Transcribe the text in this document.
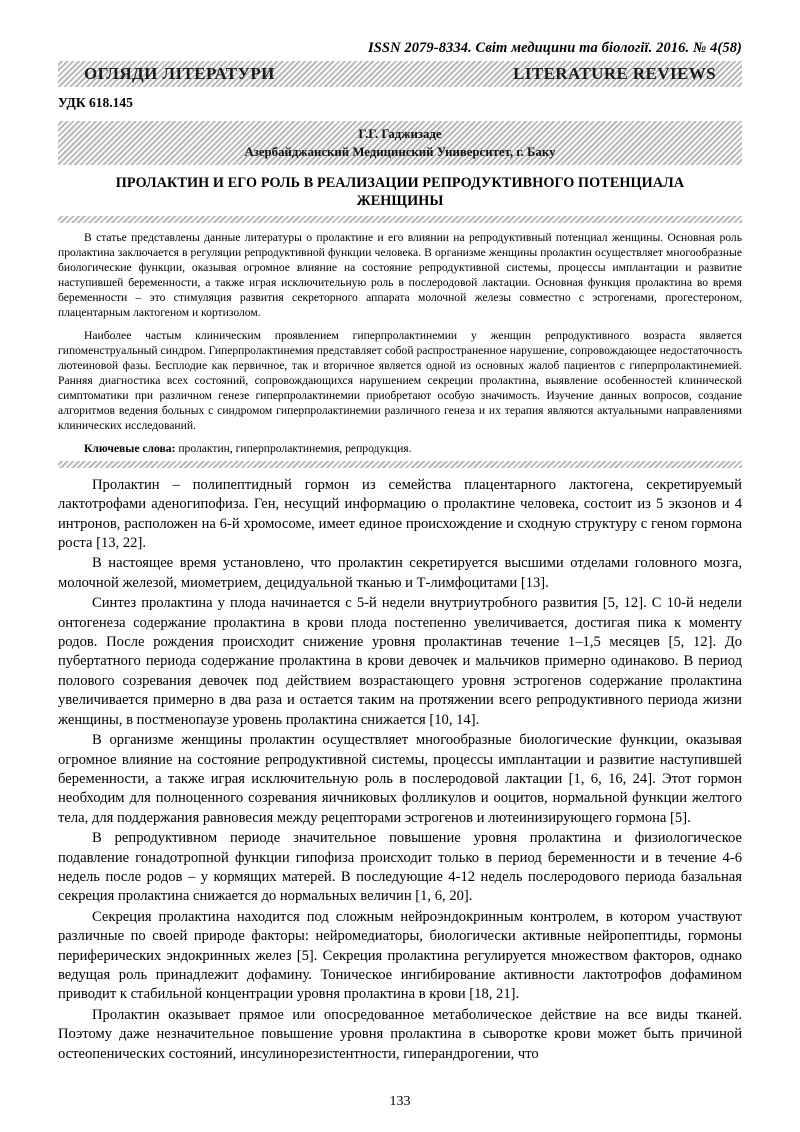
ISSN 2079-8334. Світ медицини та біології. 2016. № 4(58)
ОГЛЯДИ ЛІТЕРАТУРИ	LITERATURE REVIEWS
УДК 618.145
Г.Г. Гаджизаде
Азербайджанский Медицинский Университет, г. Баку
ПРОЛАКТИН И ЕГО РОЛЬ В РЕАЛИЗАЦИИ РЕПРОДУКТИВНОГО ПОТЕНЦИАЛА
ЖЕНЩИНЫ

В статье представлены данные литературы о пролактине и его влиянии на репродуктивный потенциал женщины. Основная роль пролактина заключается в регуляции репродуктивной функции человека. В организме женщины пролактин осуществляет многообразные биологические функции, оказывая огромное влияние на состояние репродуктивной системы, процессы имплантации и развитие наступившей беременности, а также играя исключительную роль в послеродовой лактации. Основная функция пролактина во время беременности – это стимуляция развития секреторного аппарата молочной железы совместно с эстрогенами, прогестероном, плацентарным лактогеном и кортизолом.

Наиболее частым клиническим проявлением гиперпролактинемии у женщин репродуктивного возраста является гипоменструальный синдром. Гиперпролактинемия представляет собой распространенное нарушение, сопровождающее недостаточность лютеиновой фазы. Бесплодие как первичное, так и вторичное является одной из основных жалоб пациентов с гиперпролактинемией. Ранняя диагностика всех состояний, сопровождающихся нарушением секреции пролактина, выявление особенностей клинической симптоматики при различном генезе гиперпролактинемии приобретают особую значимость. Изучение данных вопросов, создание алгоритмов ведения больных с синдромом гиперпролактинемии различного генеза и их терапия являются актуальными направлениями клинических исследований.

Ключевые слова: пролактин, гиперпролактинемия, репродукция.

Пролактин – полипептидный гормон из семейства плацентарного лактогена, секретируемый лактотрофами аденогипофиза. Ген, несущий информацию о пролактине человека, состоит из 5 экзонов и 4 интронов, расположен на 6-й хромосоме, имеет единое происхождение и сходную структуру с геном гормона роста [13, 22].

В настоящее время установлено, что пролактин секретируется высшими отделами головного мозга, молочной железой, миометрием, децидуальной тканью и Т-лимфоцитами [13].

Синтез пролактина у плода начинается с 5-й недели внутриутробного развития [5, 12]. С 10-й недели онтогенеза содержание пролактина в крови плода постепенно увеличивается, достигая пика к моменту родов. После рождения происходит снижение уровня пролактинав течение 1–1,5 месяцев [5, 12]. До пубертатного периода содержание пролактина в крови девочек и мальчиков примерно одинаково. В период полового созревания девочек под действием возрастающего уровня эстрогенов содержание пролактина увеличивается примерно в два раза и остается таким на протяжении всего репродуктивного периода жизни женщины, в постменопаузе уровень пролактина снижается [10, 14].

В организме женщины пролактин осуществляет многообразные биологические функции, оказывая огромное влияние на состояние репродуктивной системы, процессы имплантации и развитие наступившей беременности, а также играя исключительную роль в послеродовой лактации [1, 6, 16, 24]. Этот гормон необходим для полноценного созревания яичниковых фолликулов и ооцитов, нормальной функции желтого тела, для поддержания равновесия между рецепторами эстрогенов и лютеинизирующего гормона [5].

В репродуктивном периоде значительное повышение уровня пролактина и физиологическое подавление гонадотропной функции гипофиза происходит только в период беременности и в течение 4-6 недель после родов – у кормящих матерей. В последующие 4-12 недель послеродового периода базальная секреция пролактина снижается до нормальных величин [1, 6, 20].

Секреция пролактина находится под сложным нейроэндокринным контролем, в котором участвуют различные по своей природе факторы: нейромедиаторы, биологически активные нейропептиды, гормоны периферических эндокринных желез [5]. Секреция пролактина регулируется множеством факторов, однако ведущая роль принадлежит дофамину. Тоническое ингибирование активности лактотрофов дофамином приводит к стабильной концентрации уровня пролактина в крови [18, 21].

Пролактин оказывает прямое или опосредованное метаболическое действие на все виды тканей. Поэтому даже незначительное повышение уровня пролактина в сыворотке крови может быть причиной остеопенических состояний, инсулинорезистентности, гиперандрогении, что

133
